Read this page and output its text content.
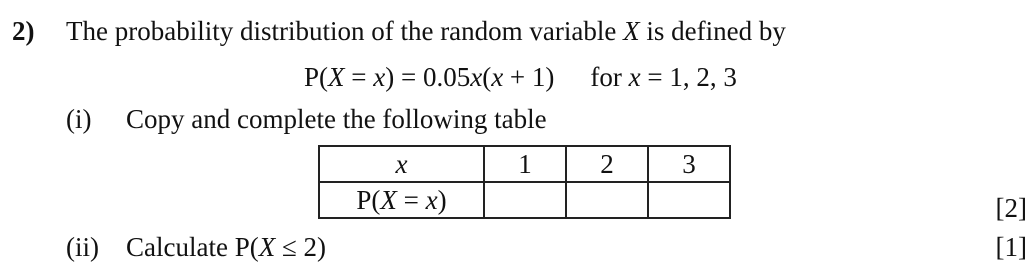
2) The probability distribution of the random variable X is defined by
P(X = x) = 0.05x(x + 1) for x = 1, 2, 3
(i) Copy and complete the following table
x	1	2	3
P(X = x)				[2]
(ii) Calculate P(X ≤ 2)	[1]
